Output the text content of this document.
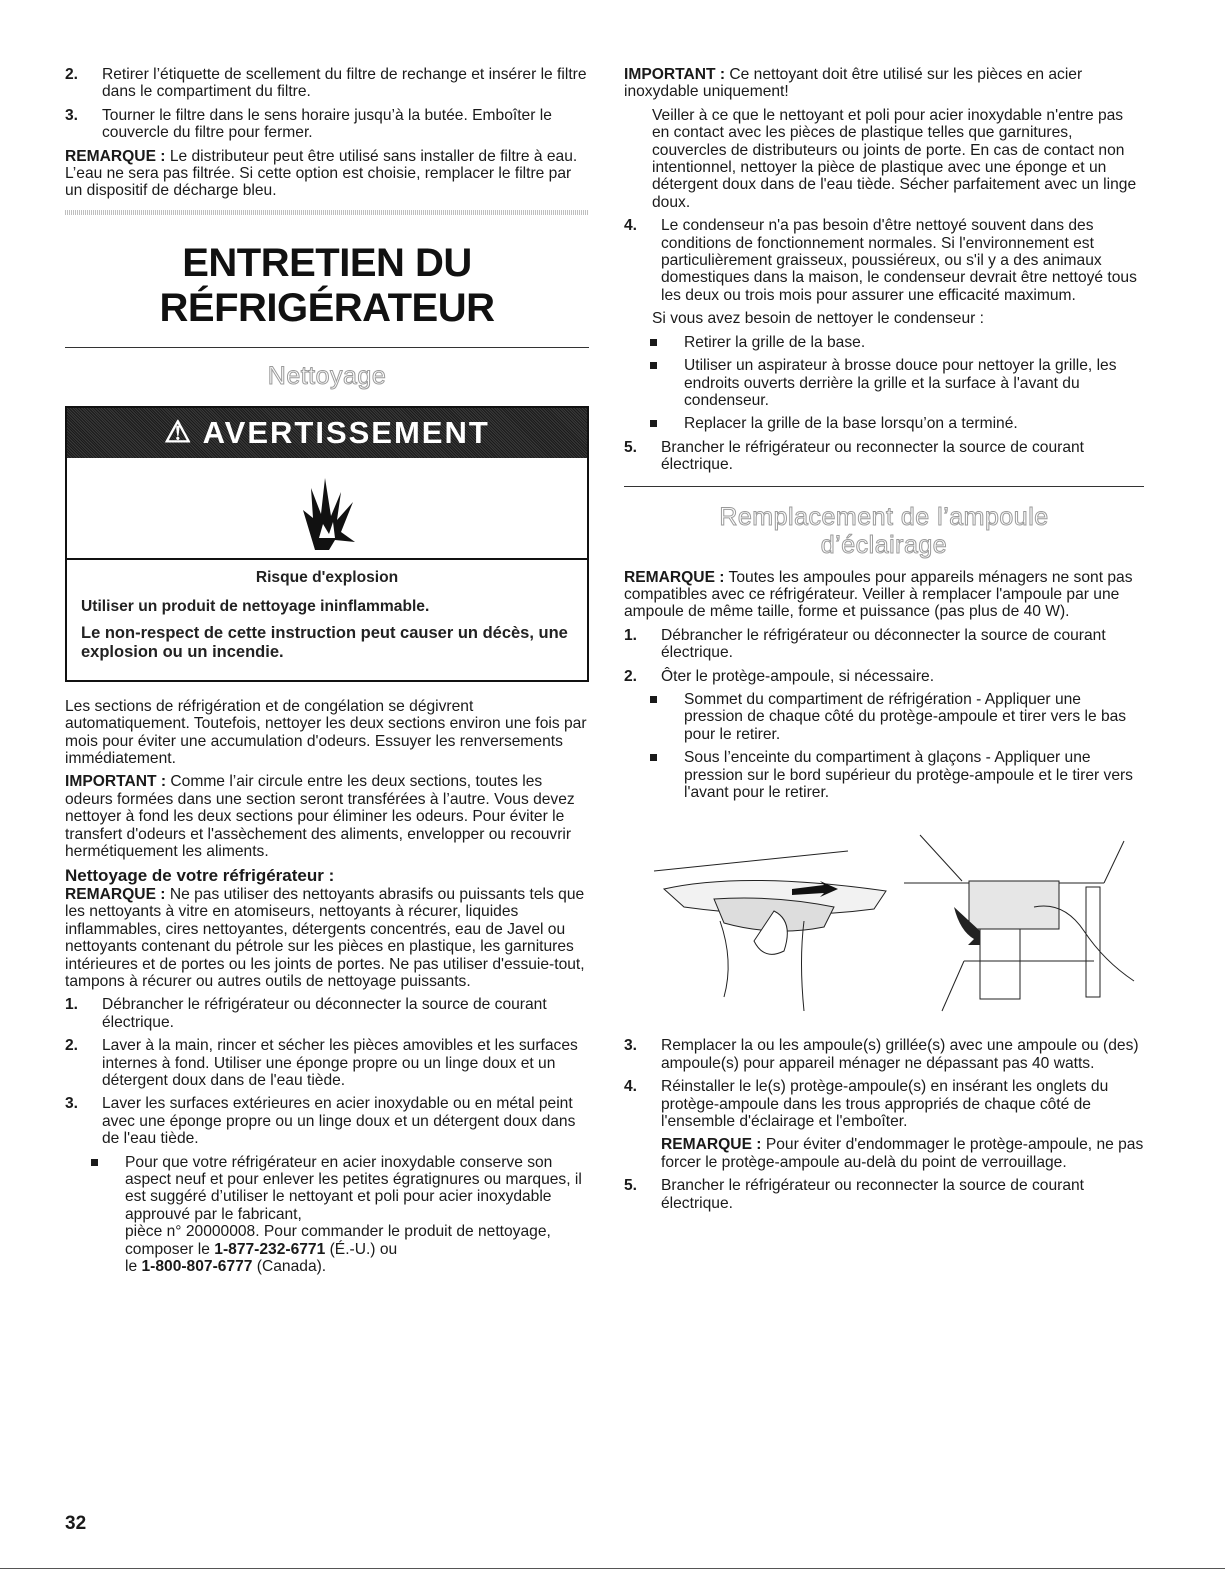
2. Retirer l’étiquette de scellement du filtre de rechange et insérer le filtre dans le compartiment du filtre.
3. Tourner le filtre dans le sens horaire jusqu’à la butée. Emboîter le couvercle du filtre pour fermer.

REMARQUE : Le distributeur peut être utilisé sans installer de filtre à eau. L’eau ne sera pas filtrée. Si cette option est choisie, remplacer le filtre par un dispositif de décharge bleu.

ENTRETIEN DU
RÉFRIGÉRATEUR
Nettoyage
⚠ AVERTISSEMENT
Risque d'explosion
Utiliser un produit de nettoyage ininflammable.
Le non-respect de cette instruction peut causer un décès, une explosion ou un incendie.

Les sections de réfrigération et de congélation se dégivrent automatiquement. Toutefois, nettoyer les deux sections environ une fois par mois pour éviter une accumulation d'odeurs. Essuyer les renversements immédiatement.

IMPORTANT : Comme l’air circule entre les deux sections, toutes les odeurs formées dans une section seront transférées à l’autre. Vous devez nettoyer à fond les deux sections pour éliminer les odeurs. Pour éviter le transfert d'odeurs et l'assèchement des aliments, envelopper ou recouvrir hermétiquement les aliments.

Nettoyage de votre réfrigérateur :

REMARQUE : Ne pas utiliser des nettoyants abrasifs ou puissants tels que les nettoyants à vitre en atomiseurs, nettoyants à récurer, liquides inflammables, cires nettoyantes, détergents concentrés, eau de Javel ou nettoyants contenant du pétrole sur les pièces en plastique, les garnitures intérieures et de portes ou les joints de portes. Ne pas utiliser d'essuie-tout, tampons à récurer ou autres outils de nettoyage puissants.

1. Débrancher le réfrigérateur ou déconnecter la source de courant électrique.
2. Laver à la main, rincer et sécher les pièces amovibles et les surfaces internes à fond. Utiliser une éponge propre ou un linge doux et un détergent doux dans de l'eau tiède.
3. Laver les surfaces extérieures en acier inoxydable ou en métal peint avec une éponge propre ou un linge doux et un détergent doux dans de l'eau tiède.
Pour que votre réfrigérateur en acier inoxydable conserve son aspect neuf et pour enlever les petites égratignures ou marques, il est suggéré d’utiliser le nettoyant et poli pour acier inoxydable approuvé par le fabricant,
pièce n° 20000008. Pour commander le produit de nettoyage, composer le 1-877-232-6771 (É.-U.) ou
le 1-800-807-6777 (Canada).

IMPORTANT : Ce nettoyant doit être utilisé sur les pièces en acier inoxydable uniquement!

Veiller à ce que le nettoyant et poli pour acier inoxydable n'entre pas en contact avec les pièces de plastique telles que garnitures, couvercles de distributeurs ou joints de porte. En cas de contact non intentionnel, nettoyer la pièce de plastique avec une éponge et un détergent doux dans de l'eau tiède. Sécher parfaitement avec un linge doux.

4. Le condenseur n'a pas besoin d'être nettoyé souvent dans des conditions de fonctionnement normales. Si l'environnement est particulièrement graisseux, poussiéreux, ou s'il y a des animaux domestiques dans la maison, le condenseur devrait être nettoyé tous les deux ou trois mois pour assurer une efficacité maximum.

Si vous avez besoin de nettoyer le condenseur :

Retirer la grille de la base.
Utiliser un aspirateur à brosse douce pour nettoyer la grille, les endroits ouverts derrière la grille et la surface à l'avant du condenseur.
Replacer la grille de la base lorsqu’on a terminé.
5. Brancher le réfrigérateur ou reconnecter la source de courant électrique.
Remplacement de l’ampoule
d’éclairage

REMARQUE : Toutes les ampoules pour appareils ménagers ne sont pas compatibles avec ce réfrigérateur. Veiller à remplacer l'ampoule par une ampoule de même taille, forme et puissance (pas plus de 40 W).

1. Débrancher le réfrigérateur ou déconnecter la source de courant électrique.
2. Ôter le protège-ampoule, si nécessaire.
Sommet du compartiment de réfrigération - Appliquer une pression de chaque côté du protège-ampoule et tirer vers le bas pour le retirer.
Sous l’enceinte du compartiment à glaçons - Appliquer une pression sur le bord supérieur du protège-ampoule et le tirer vers l'avant pour le retirer.
3. Remplacer la ou les ampoule(s) grillée(s) avec une ampoule ou (des) ampoule(s) pour appareil ménager ne dépassant pas 40 watts.
4. Réinstaller le le(s) protège-ampoule(s) en insérant les onglets du protège-ampoule dans les trous appropriés de chaque côté de l'ensemble d'éclairage et l'emboîter.

REMARQUE : Pour éviter d'endommager le protège-ampoule, ne pas forcer le protège-ampoule au-delà du point de verrouillage.

5. Brancher le réfrigérateur ou reconnecter la source de courant électrique.
32
